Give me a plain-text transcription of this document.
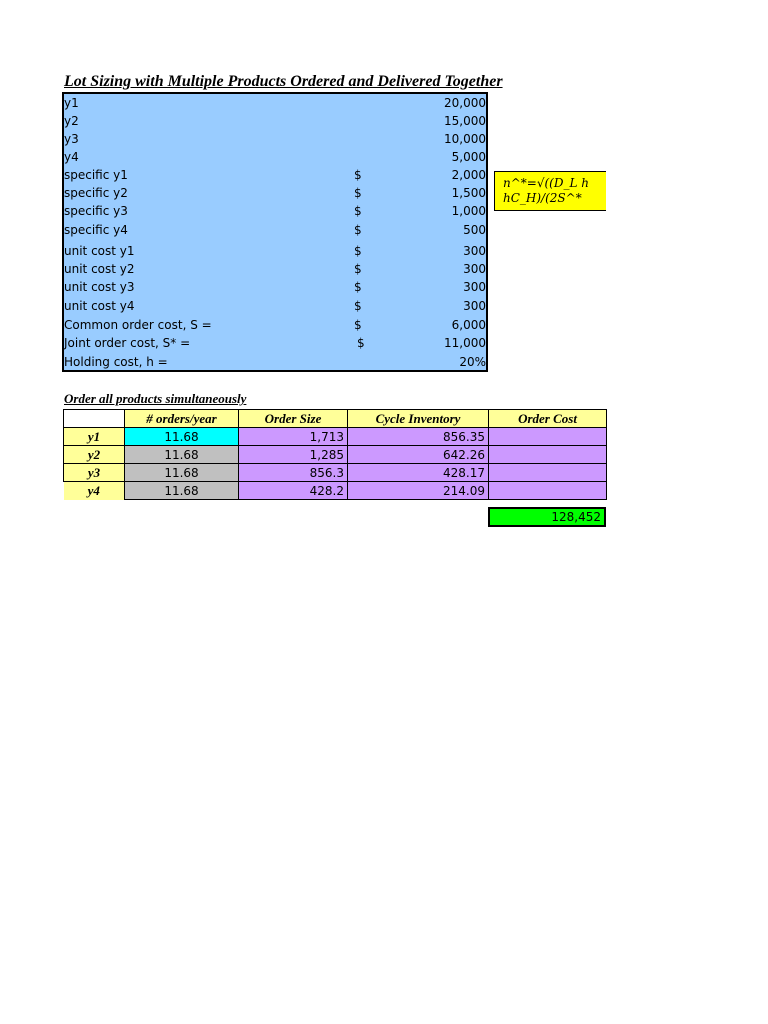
Lot Sizing with Multiple Products Ordered and Delivered Together
y1	20,000
y2	15,000
y3	10,000
y4	5,000
specific y1	$	2,000
specific y2	$	1,500
specific y3	$	1,000
specific y4	$	500
unit cost y1	$	300
unit cost y2	$	300
unit cost y3	$	300
unit cost y4	$	300
Common order cost, S =	$	6,000
Joint order cost, S* =	$	11,000
Holding cost, h =	20%
n^*=√((D_L h
hC_H)/(2S^*
Order all products simultaneously
	# orders/year	Order Size	Cycle Inventory	Order Cost
y1	11.68	1,713	856.35	
y2	11.68	1,285	642.26	
y3	11.68	856.3	428.17	
y4	11.68	428.2	214.09	
128,452
